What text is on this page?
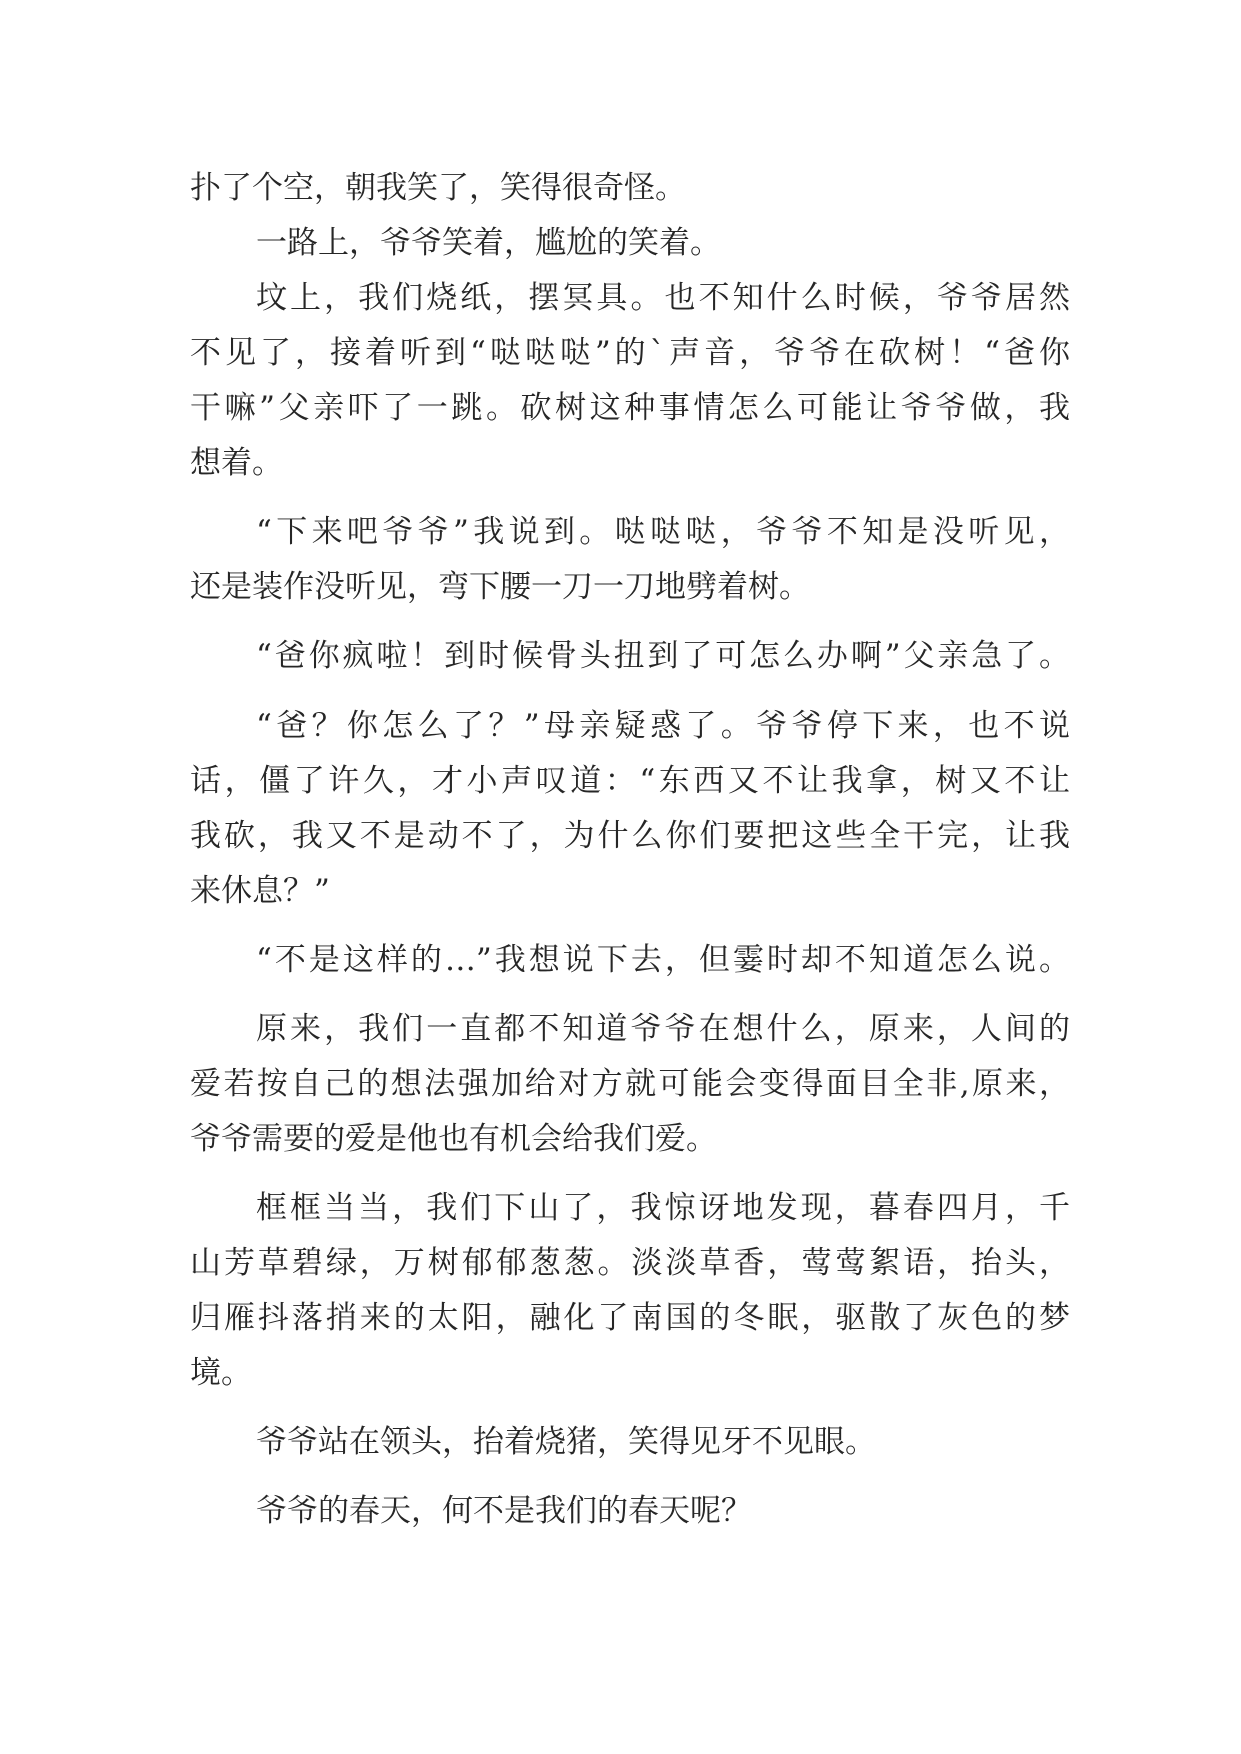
扑了个空，朝我笑了，笑得很奇怪。
一路上，爷爷笑着，尴尬的笑着。
坟上，我们烧纸，摆冥具。也不知什么时候，爷爷居然
不见了，接着听到“哒哒哒”的`声音，爷爷在砍树！“爸你
干嘛”父亲吓了一跳。砍树这种事情怎么可能让爷爷做，我
想着。
“下来吧爷爷”我说到。哒哒哒，爷爷不知是没听见，
还是装作没听见，弯下腰一刀一刀地劈着树。
“爸你疯啦！到时候骨头扭到了可怎么办啊”父亲急了。
“爸？你怎么了？”母亲疑惑了。爷爷停下来，也不说
话，僵了许久，才小声叹道：“东西又不让我拿，树又不让
我砍，我又不是动不了，为什么你们要把这些全干完，让我
来休息？”
“不是这样的…”我想说下去，但霎时却不知道怎么说。
原来，我们一直都不知道爷爷在想什么，原来，人间的
爱若按自己的想法强加给对方就可能会变得面目全非,原来，
爷爷需要的爱是他也有机会给我们爱。
框框当当，我们下山了，我惊讶地发现，暮春四月，千
山芳草碧绿，万树郁郁葱葱。淡淡草香，莺莺絮语，抬头，
归雁抖落捎来的太阳，融化了南国的冬眠，驱散了灰色的梦
境。
爷爷站在领头，抬着烧猪，笑得见牙不见眼。
爷爷的春天，何不是我们的春天呢？
